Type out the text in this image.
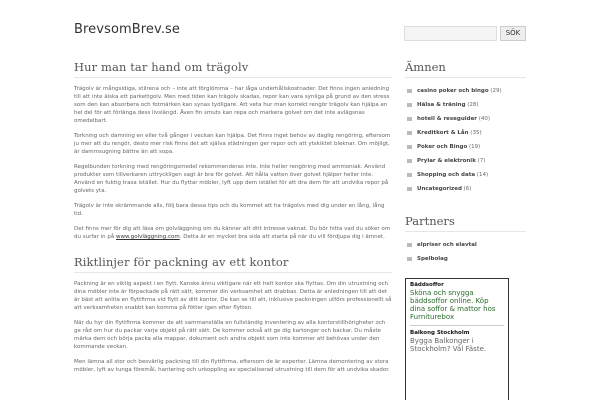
BrevsomBrev.se	SÖK
Hur man tar hand om trägolv

Trägolv är mångsidiga, stilrena och – inte att förglömma – har låga underhållskostnader. Det finns ingen anledning till att inte älska ett parkettgolv. Men med tiden kan trägolv skadas, repor kan vara synliga på grund av den stress som den kan absorbera och fotmärken kan synas tydligare. Att veta hur man korrekt rengör trägolv kan hjälpa en hel del för att förlänga dess livslängd. Även fin smuts kan repa och markera golvet om det inte avlägsnas omedelbart.

Torkning och damning en eller två gånger i veckan kan hjälpa. Det finns inget behov av daglig rengöring, eftersom ju mer att du rengör, desto mer risk finns det att själva städningen ger repor och att ytskiktet bleknar. Om möjligt, är dammsugning bättre än att sopa.

Regelbunden torkning med rengöringsmedel rekommenderas inte. Inte heller rengöring med ammoniak. Använd produkter som tillverkaren uttryckligen sagt är bra för golvet. Att hålla vatten över golvet hjälper heller inte. Använd en fuktig trasa istället. Hur du flyttar möbler, lyft upp dem istället för att dra dem för att undvika repor på golvets yta.

Trägolv är inte skrämmande alls, följ bara dessa tips och du kommet att ha trägolvs med dig under en lång, lång tid.

Det finns mer för dig att läsa om golvläggning om du känner att ditt intresse vaknat. Du bör hitta vad du söker om du surfar in på www.golvläggning.com. Detta är en mycket bra sida att starta på när du vill fördjupa dig i ämnet.

Riktlinjer för packning av ett kontor

Packning är en viktig aspekt i en flytt. Kanske ännu viktigare när ett helt kontor ska flyttas. Om din utrustning och dina möbler inte är förpackade på rätt sätt, kommer din verksamhet att drabbas. Detta är anledningen till att det är bäst att anlita en flyttfirma vid flytt av ditt kontor. De kan se till att, inklusive packningen utförs professionellt så att verksamheten snabbt kan komma på fötter igen efter flytten.

När du hyr din flyttfirma kommer de att sammanställa en fullständig inventering av alla kontorstillhörigheter och ge råd om hur du packar varje objekt på rätt sätt. De kommer också att ge dig kartonger och backar. Du måste märka dem och börja packa alla mappar, dokument och andra objekt som inte kommer att behövas under den kommande veckan.

Men lämna all stor och besvärlig packning till din flyttfirma, eftersom de är experter. Lämna demontering av stora möbler, lyft av tunga föremål, hantering och urkoppling av specialiserad utrustning till dem för att undvika skador.

Ämnen
casino poker och bingo (29)
Hälsa & träning (28)
hotell & reseguider (40)
Kreditkort & Lån (35)
Poker och Bingo (19)
Prylar & elektronik (7)
Shopping och data (14)
Uncategorized (6)
Partners
elpriser och elavtal
Spelbolag
Bäddsoffor
Sköna och snygga bäddsoffor online. Köp dina soffor & mattor hos Furniturebox
Balkong Stockholm
Bygga Balkonger i Stockholm? Väl Fäste.
